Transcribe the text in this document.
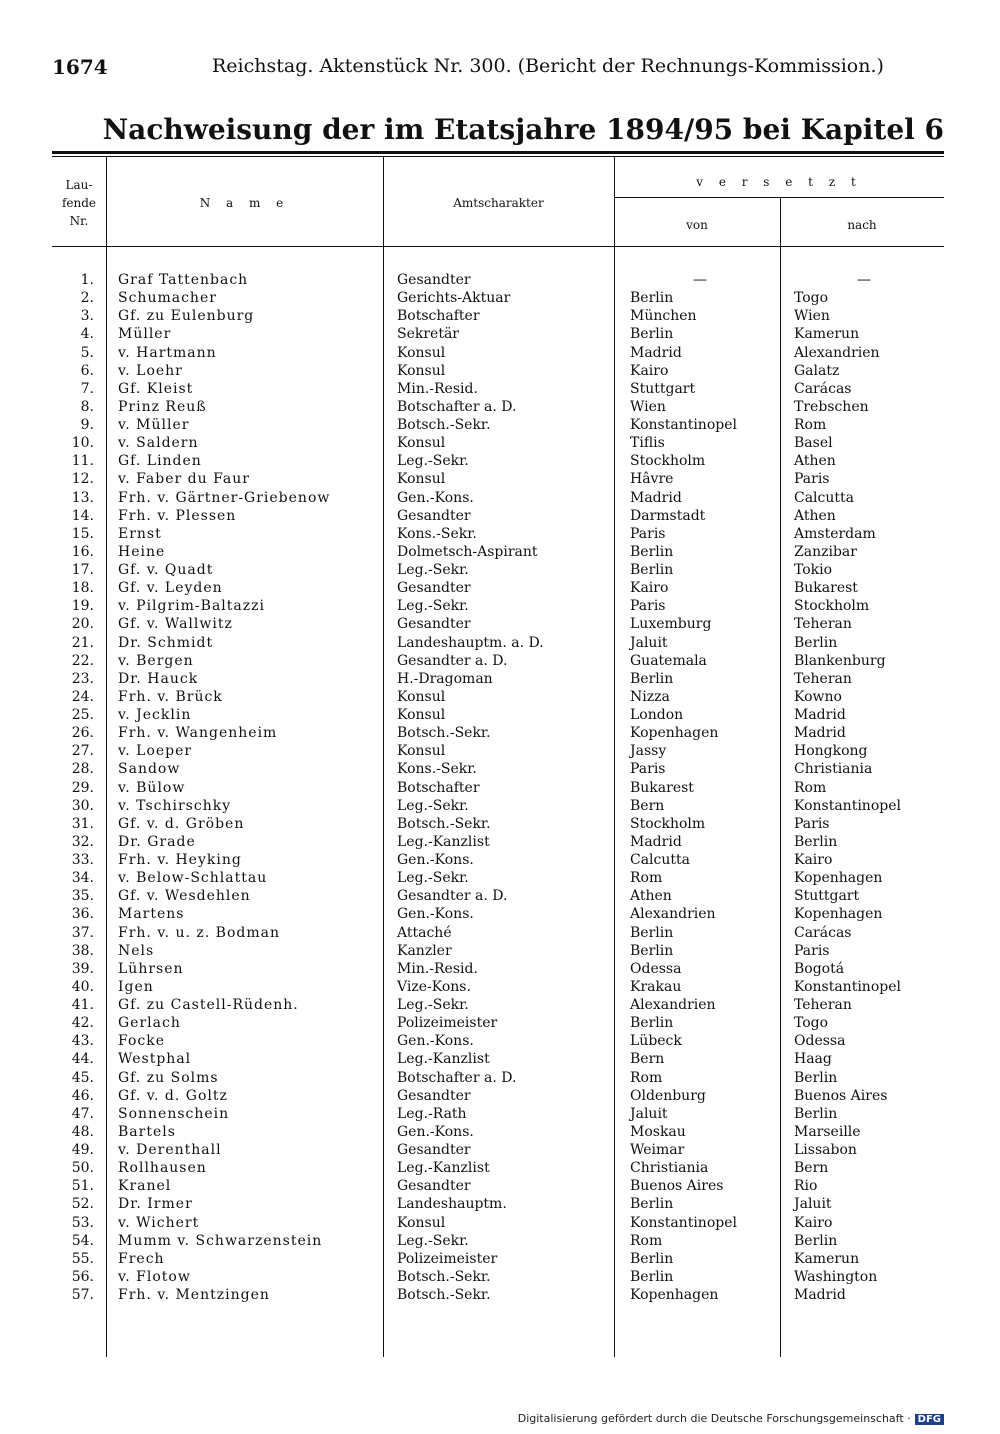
1674	Reichstag. Aktenstück Nr. 300. (Bericht der Rechnungs-Kommission.)
Nachweisung der im Etatsjahre 1894/95 bei Kapitel 6
Lau-
fende
Nr.
N a m e	Amtscharakter
v e r s e t z t
von	nach
1. Graf Tattenbach	Gesandter	—	—
2. Schumacher	Gerichts-Aktuar	Berlin	Togo
3. Gf. zu Eulenburg	Botschafter	München	Wien
4. Müller	Sekretär	Berlin	Kamerun
5. v. Hartmann	Konsul	Madrid	Alexandrien
6. v. Loehr	Konsul	Kairo	Galatz
7. Gf. Kleist	Min.-Resid.	Stuttgart	Carácas
8. Prinz Reuß	Botschafter a. D.	Wien	Trebschen
9. v. Müller	Botsch.-Sekr.	Konstantinopel	Rom
10. v. Saldern	Konsul	Tiflis	Basel
11. Gf. Linden	Leg.-Sekr.	Stockholm	Athen
12. v. Faber du Faur	Konsul	Hâvre	Paris
13. Frh. v. Gärtner-Griebenow	Gen.-Kons.	Madrid	Calcutta
14. Frh. v. Plessen	Gesandter	Darmstadt	Athen
15. Ernst	Kons.-Sekr.	Paris	Amsterdam
16. Heine	Dolmetsch-Aspirant	Berlin	Zanzibar
17. Gf. v. Quadt	Leg.-Sekr.	Berlin	Tokio
18. Gf. v. Leyden	Gesandter	Kairo	Bukarest
19. v. Pilgrim-Baltazzi	Leg.-Sekr.	Paris	Stockholm
20. Gf. v. Wallwitz	Gesandter	Luxemburg	Teheran
21. Dr. Schmidt	Landeshauptm. a. D.	Jaluit	Berlin
22. v. Bergen	Gesandter a. D.	Guatemala	Blankenburg
23. Dr. Hauck	H.-Dragoman	Berlin	Teheran
24. Frh. v. Brück	Konsul	Nizza	Kowno
25. v. Jecklin	Konsul	London	Madrid
26. Frh. v. Wangenheim	Botsch.-Sekr.	Kopenhagen	Madrid
27. v. Loeper	Konsul	Jassy	Hongkong
28. Sandow	Kons.-Sekr.	Paris	Christiania
29. v. Bülow	Botschafter	Bukarest	Rom
30. v. Tschirschky	Leg.-Sekr.	Bern	Konstantinopel
31. Gf. v. d. Gröben	Botsch.-Sekr.	Stockholm	Paris
32. Dr. Grade	Leg.-Kanzlist	Madrid	Berlin
33. Frh. v. Heyking	Gen.-Kons.	Calcutta	Kairo
34. v. Below-Schlattau	Leg.-Sekr.	Rom	Kopenhagen
35. Gf. v. Wesdehlen	Gesandter a. D.	Athen	Stuttgart
36. Martens	Gen.-Kons.	Alexandrien	Kopenhagen
37. Frh. v. u. z. Bodman	Attaché	Berlin	Carácas
38. Nels	Kanzler	Berlin	Paris
39. Lührsen	Min.-Resid.	Odessa	Bogotá
40. Igen	Vize-Kons.	Krakau	Konstantinopel
41. Gf. zu Castell-Rüdenh.	Leg.-Sekr.	Alexandrien	Teheran
42. Gerlach	Polizeimeister	Berlin	Togo
43. Focke	Gen.-Kons.	Lübeck	Odessa
44. Westphal	Leg.-Kanzlist	Bern	Haag
45. Gf. zu Solms	Botschafter a. D.	Rom	Berlin
46. Gf. v. d. Goltz	Gesandter	Oldenburg	Buenos Aires
47. Sonnenschein	Leg.-Rath	Jaluit	Berlin
48. Bartels	Gen.-Kons.	Moskau	Marseille
49. v. Derenthall	Gesandter	Weimar	Lissabon
50. Rollhausen	Leg.-Kanzlist	Christiania	Bern
51. Kranel	Gesandter	Buenos Aires	Rio
52. Dr. Irmer	Landeshauptm.	Berlin	Jaluit
53. v. Wichert	Konsul	Konstantinopel	Kairo
54. Mumm v. Schwarzenstein	Leg.-Sekr.	Rom	Berlin
55. Frech	Polizeimeister	Berlin	Kamerun
56. v. Flotow	Botsch.-Sekr.	Berlin	Washington
57. Frh. v. Mentzingen	Botsch.-Sekr.	Kopenhagen	Madrid
Digitalisierung gefördert durch die Deutsche Forschungsgemeinschaft · DFG
